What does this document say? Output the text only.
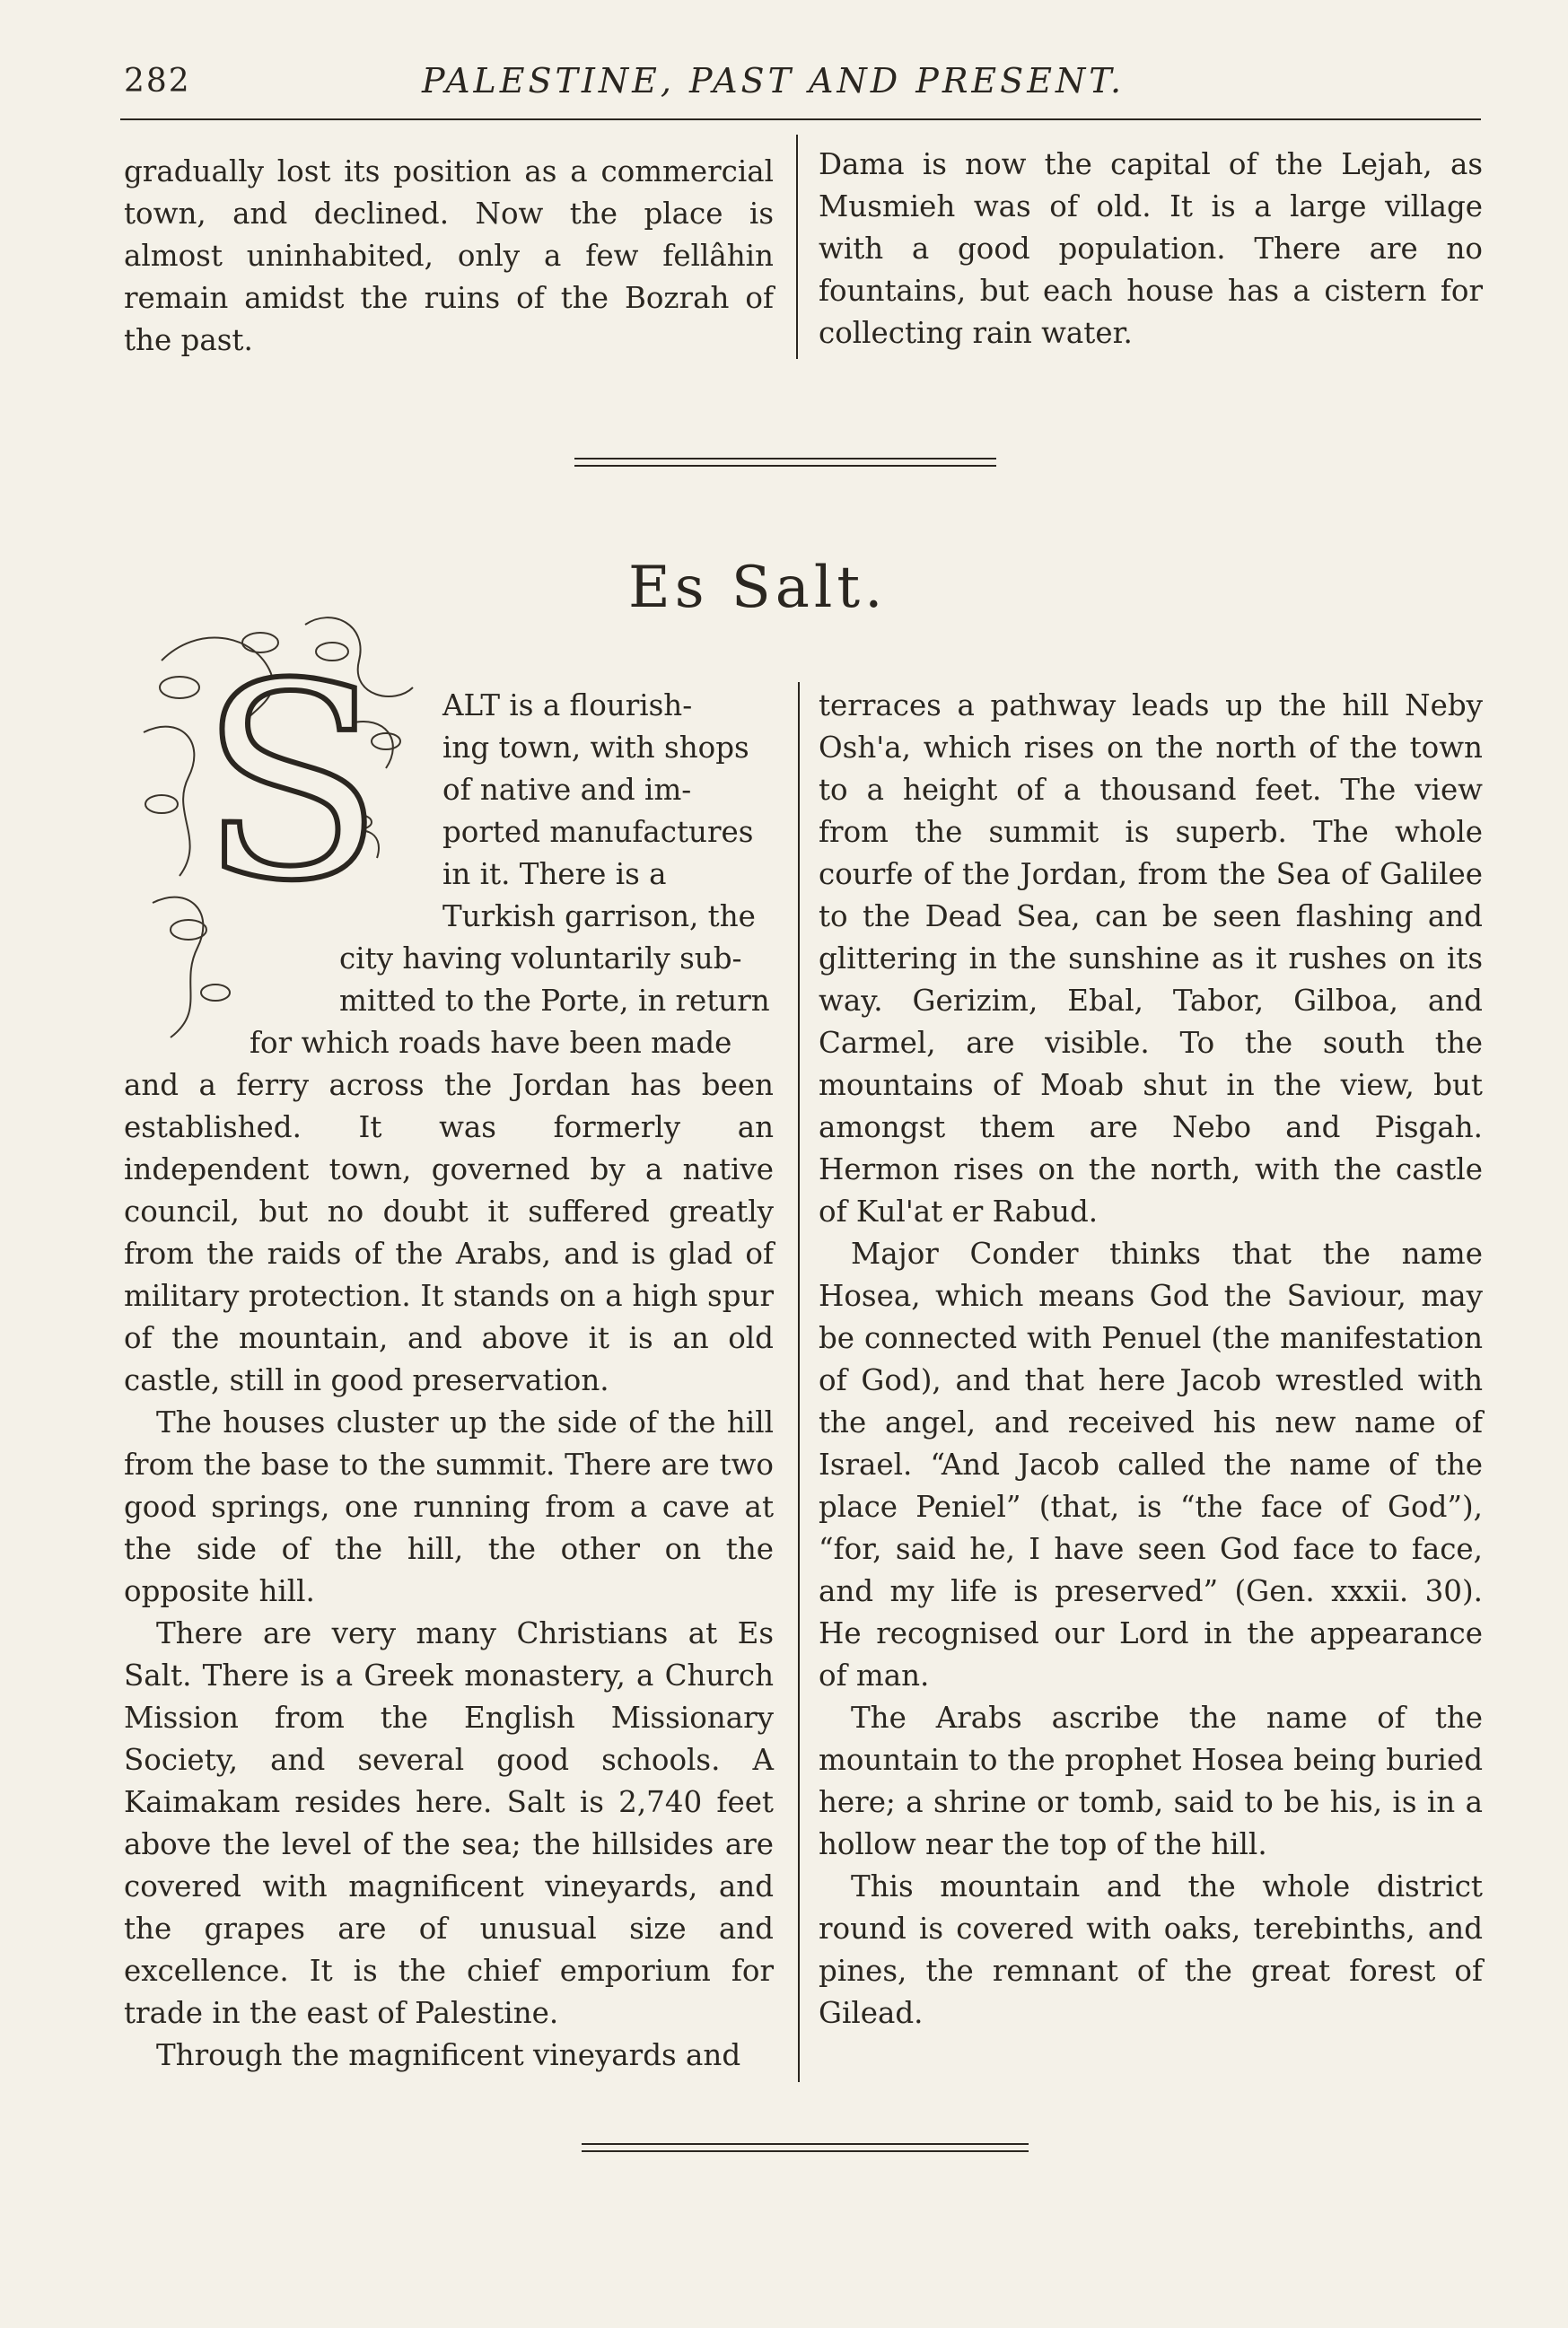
282	PALESTINE, PAST AND PRESENT.

gradually lost its position as a commercial town, and declined. Now the place is almost uninhabited, only a few fellâhin remain amidst the ruins of the Bozrah of the past.

Dama is now the capital of the Lejah, as Musmieh was of old. It is a large village with a good population. There are no fountains, but each house has a cistern for collecting rain water.

Es Salt.
S ALT is a flourish-

ing town, with shops

of native and im-

ported manufactures

in it. There is a

Turkish garrison, the

city having voluntarily sub-

mitted to the Porte, in return

for which roads have been made

and a ferry across the Jordan has been established. It was formerly an independent town, governed by a native council, but no doubt it suffered greatly from the raids of the Arabs, and is glad of military protection. It stands on a high spur of the mountain, and above it is an old castle, still in good preservation.

The houses cluster up the side of the hill from the base to the summit. There are two good springs, one running from a cave at the side of the hill, the other on the opposite hill.

There are very many Christians at Es Salt. There is a Greek monastery, a Church Mission from the English Missionary Society, and several good schools. A Kaimakam resides here. Salt is 2,740 feet above the level of the sea; the hillsides are covered with magnificent vineyards, and the grapes are of unusual size and excellence. It is the chief emporium for trade in the east of Palestine.

Through the magnificent vineyards and

terraces a pathway leads up the hill Neby Osh'a, which rises on the north of the town to a height of a thousand feet. The view from the summit is superb. The whole courfe of the Jordan, from the Sea of Galilee to the Dead Sea, can be seen flashing and glittering in the sunshine as it rushes on its way. Gerizim, Ebal, Tabor, Gilboa, and Carmel, are visible. To the south the mountains of Moab shut in the view, but amongst them are Nebo and Pisgah. Hermon rises on the north, with the castle of Kul'at er Rabud.

Major Conder thinks that the name Hosea, which means God the Saviour, may be connected with Penuel (the manifestation of God), and that here Jacob wrestled with the angel, and received his new name of Israel. “And Jacob called the name of the place Peniel” (that, is “the face of God”), “for, said he, I have seen God face to face, and my life is preserved” (Gen. xxxii. 30). He recognised our Lord in the appearance of man.

The Arabs ascribe the name of the mountain to the prophet Hosea being buried here; a shrine or tomb, said to be his, is in a hollow near the top of the hill.

This mountain and the whole district round is covered with oaks, terebinths, and pines, the remnant of the great forest of Gilead.
